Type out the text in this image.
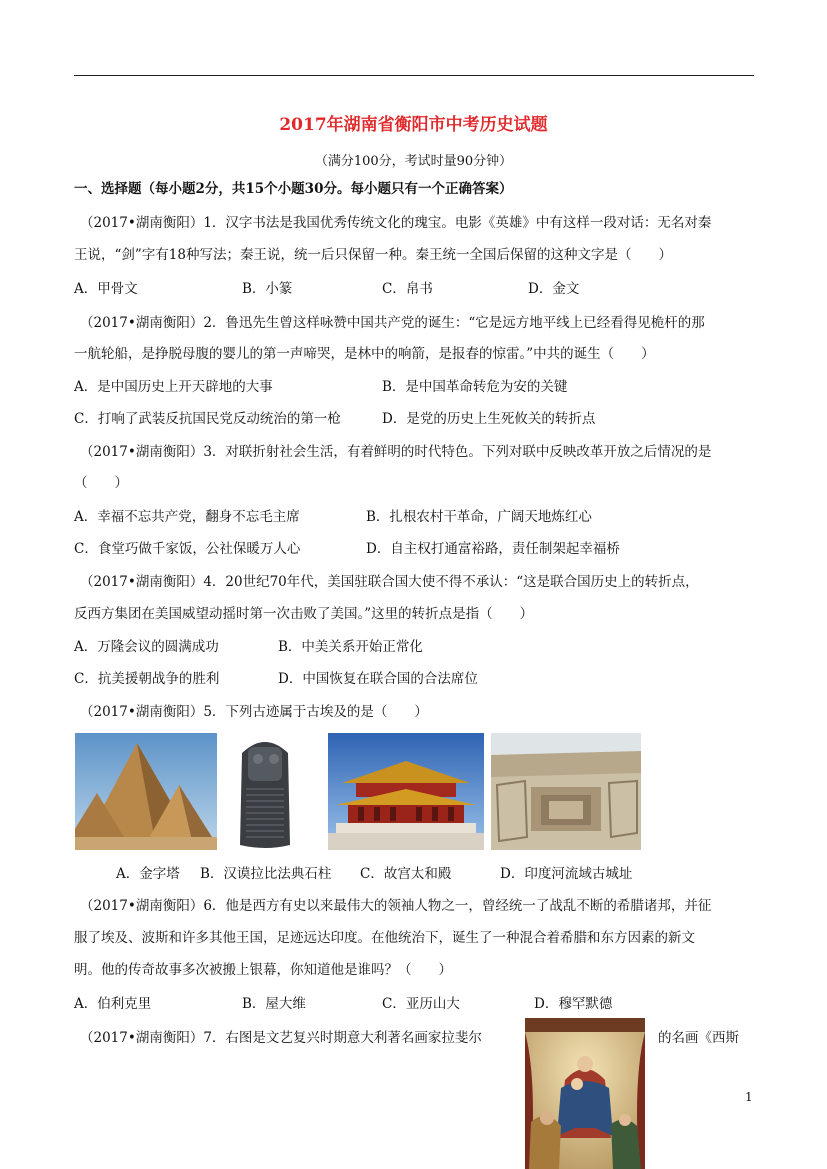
2017年湖南省衡阳市中考历史试题
（满分100分，考试时量90分钟）
一、选择题（每小题2分，共15个小题30分。每小题只有一个正确答案）
（2017•湖南衡阳）1．汉字书法是我国优秀传统文化的瑰宝。电影《英雄》中有这样一段对话：无名对秦
王说，“剑”字有18种写法；秦王说，统一后只保留一种。秦王统一全国后保留的这种文字是（　　）
A．甲骨文	B．小篆	C．帛书	D．金文
（2017•湖南衡阳）2．鲁迅先生曾这样咏赞中国共产党的诞生：“它是远方地平线上已经看得见桅杆的那
一航轮船，是挣脱母腹的婴儿的第一声啼哭，是林中的响箭，是报春的惊雷。”中共的诞生（　　）
A．是中国历史上开天辟地的大事	B．是中国革命转危为安的关键
C．打响了武装反抗国民党反动统治的第一枪	D．是党的历史上生死攸关的转折点
（2017•湖南衡阳）3．对联折射社会生活，有着鲜明的时代特色。下列对联中反映改革开放之后情况的是
（　　）
A．幸福不忘共产党，翻身不忘毛主席	B．扎根农村干革命，广阔天地炼红心
C．食堂巧做千家饭，公社保暖万人心	D．自主权打通富裕路，责任制架起幸福桥
（2017•湖南衡阳）4．20世纪70年代，美国驻联合国大使不得不承认：“这是联合国历史上的转折点，
反西方集团在美国威望动摇时第一次击败了美国。”这里的转折点是指（　　）
A．万隆会议的圆满成功	B．中美关系开始正常化
C．抗美援朝战争的胜利	D．中国恢复在联合国的合法席位
（2017•湖南衡阳）5．下列古迹属于古埃及的是（　　）
A．金字塔 B．汉谟拉比法典石柱 C．故宫太和殿	D．印度河流域古城址
（2017•湖南衡阳）6．他是西方有史以来最伟大的领袖人物之一，曾经统一了战乱不断的希腊诸邦，并征
服了埃及、波斯和许多其他王国，足迹远达印度。在他统治下，诞生了一种混合着希腊和东方因素的新文
明。他的传奇故事多次被搬上银幕，你知道他是谁吗？（　　）
A．伯利克里	B．屋大维	C．亚历山大	D．穆罕默德
（2017•湖南衡阳）7．右图是文艺复兴时期意大利著名画家拉斐尔	的名画《西斯
1
